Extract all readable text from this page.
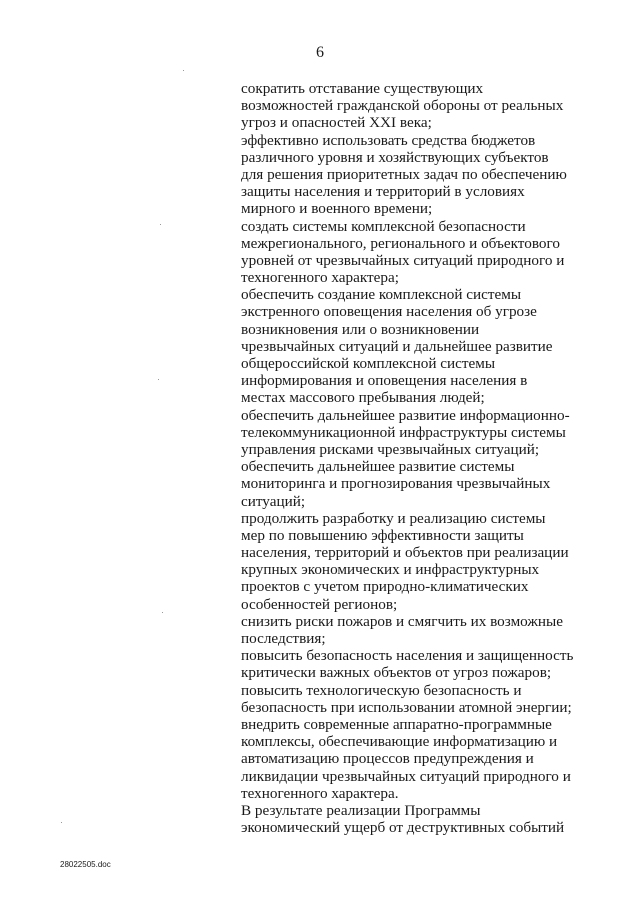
6
сократить отставание существующих
возможностей гражданской обороны от реальных
угроз и опасностей XXI века;
эффективно использовать средства бюджетов
различного уровня и хозяйствующих субъектов
для решения приоритетных задач по обеспечению
защиты населения и территорий в условиях
мирного и военного времени;
создать системы комплексной безопасности
межрегионального, регионального и объектового
уровней от чрезвычайных ситуаций природного и
техногенного характера;
обеспечить создание комплексной системы
экстренного оповещения населения об угрозе
возникновения или о возникновении
чрезвычайных ситуаций и дальнейшее развитие
общероссийской комплексной системы
информирования и оповещения населения в
местах массового пребывания людей;
обеспечить дальнейшее развитие информационно-
телекоммуникационной инфраструктуры системы
управления рисками чрезвычайных ситуаций;
обеспечить дальнейшее развитие системы
мониторинга и прогнозирования чрезвычайных
ситуаций;
продолжить разработку и реализацию системы
мер по повышению эффективности защиты
населения, территорий и объектов при реализации
крупных экономических и инфраструктурных
проектов с учетом природно-климатических
особенностей регионов;
снизить риски пожаров и смягчить их возможные
последствия;
повысить безопасность населения и защищенность
критически важных объектов от угроз пожаров;
повысить технологическую безопасность и
безопасность при использовании атомной энергии;
внедрить современные аппаратно-программные
комплексы, обеспечивающие информатизацию и
автоматизацию процессов предупреждения и
ликвидации чрезвычайных ситуаций природного и
техногенного характера.
В результате реализации Программы
экономический ущерб от деструктивных событий
28022505.doc
